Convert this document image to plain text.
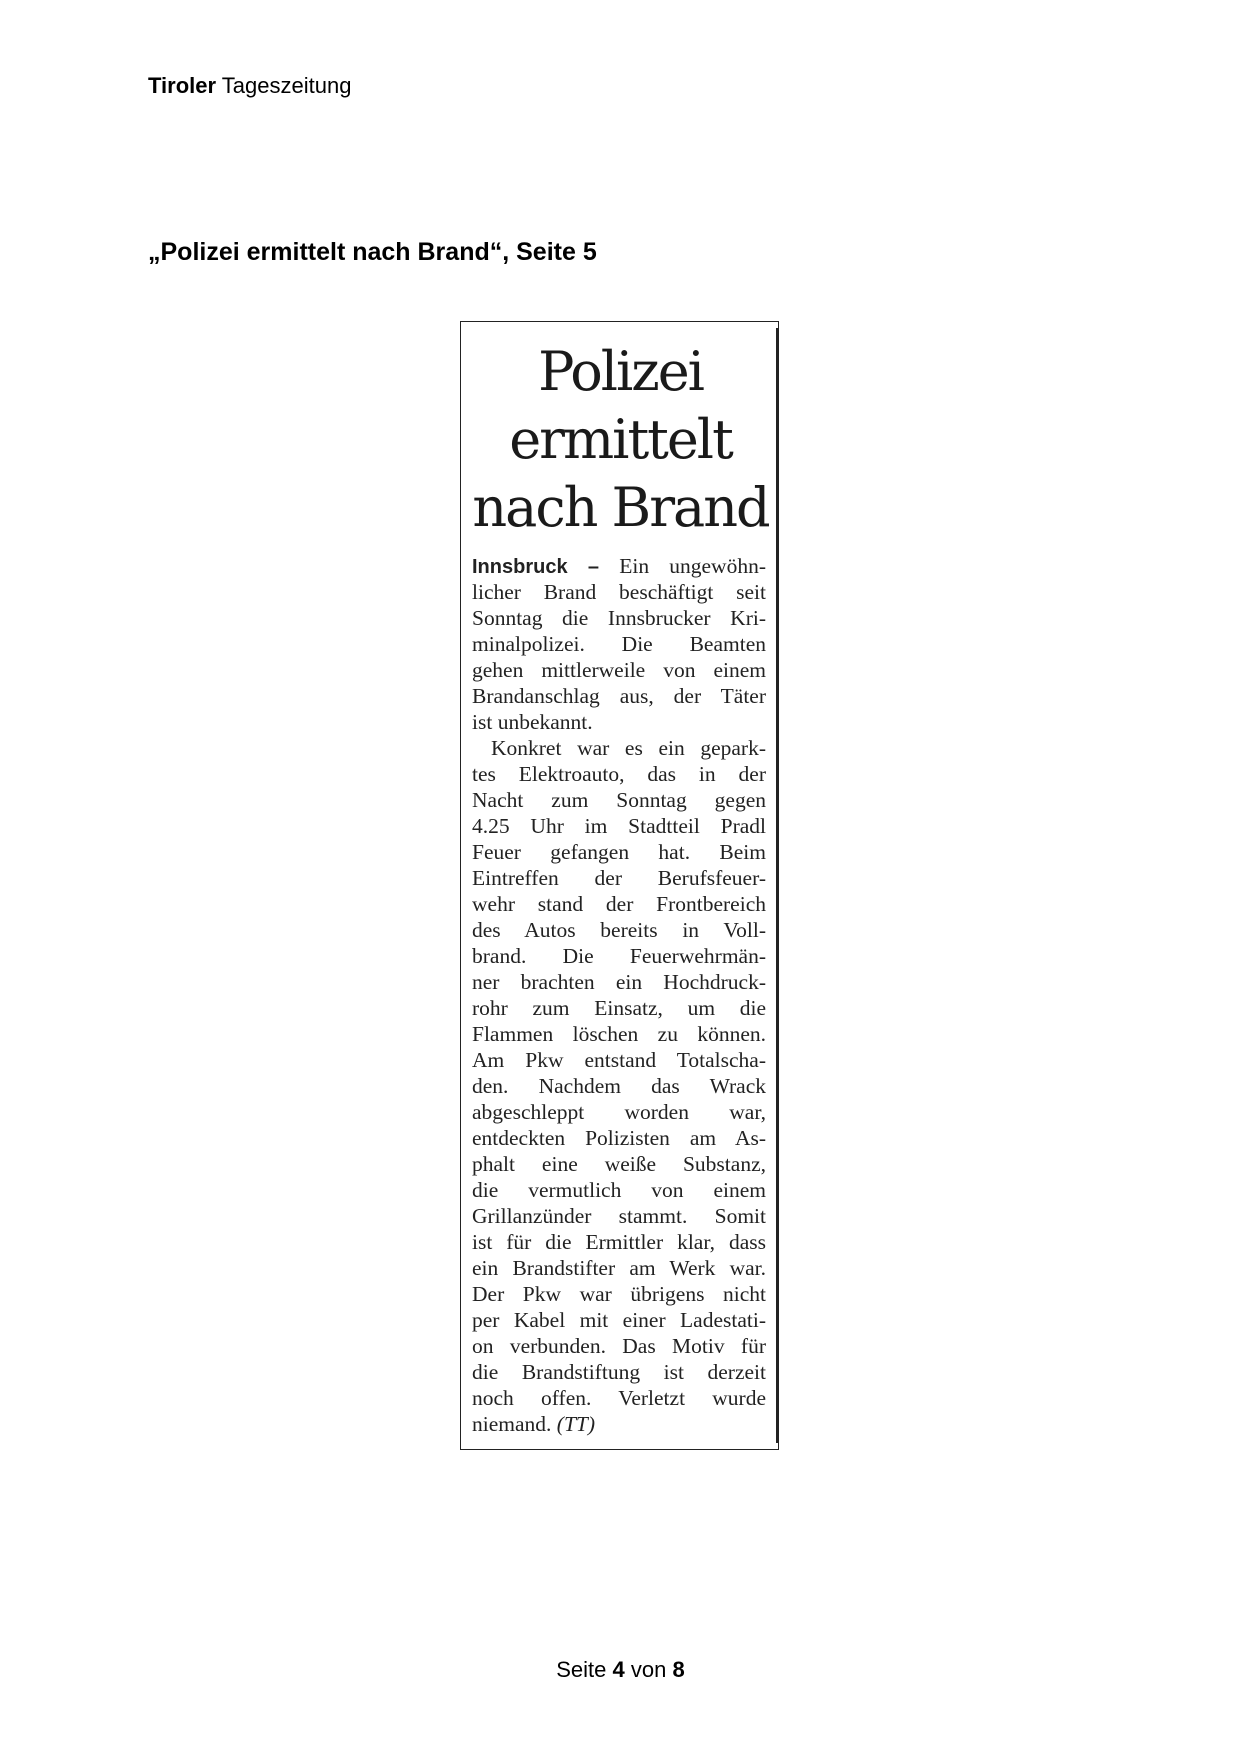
Tiroler Tageszeitung
„Polizei ermittelt nach Brand“, Seite 5
Polizei
ermittelt
nach Brand
Innsbruck – Ein ungewöhn-
licher Brand beschäftigt seit
Sonntag die Innsbrucker Kri-
minalpolizei. Die Beamten
gehen mittlerweile von einem
Brandanschlag aus, der Täter
ist unbekannt.
Konkret war es ein gepark-
tes Elektroauto, das in der
Nacht zum Sonntag gegen
4.25 Uhr im Stadtteil Pradl
Feuer gefangen hat. Beim
Eintreffen der Berufsfeuer-
wehr stand der Frontbereich
des Autos bereits in Voll-
brand. Die Feuerwehrmän-
ner brachten ein Hochdruck-
rohr zum Einsatz, um die
Flammen löschen zu können.
Am Pkw entstand Totalscha-
den. Nachdem das Wrack
abgeschleppt worden war,
entdeckten Polizisten am As-
phalt eine weiße Substanz,
die vermutlich von einem
Grillanzünder stammt. Somit
ist für die Ermittler klar, dass
ein Brandstifter am Werk war.
Der Pkw war übrigens nicht
per Kabel mit einer Ladestati-
on verbunden. Das Motiv für
die Brandstiftung ist derzeit
noch offen. Verletzt wurde
niemand. (TT)
Seite 4 von 8
